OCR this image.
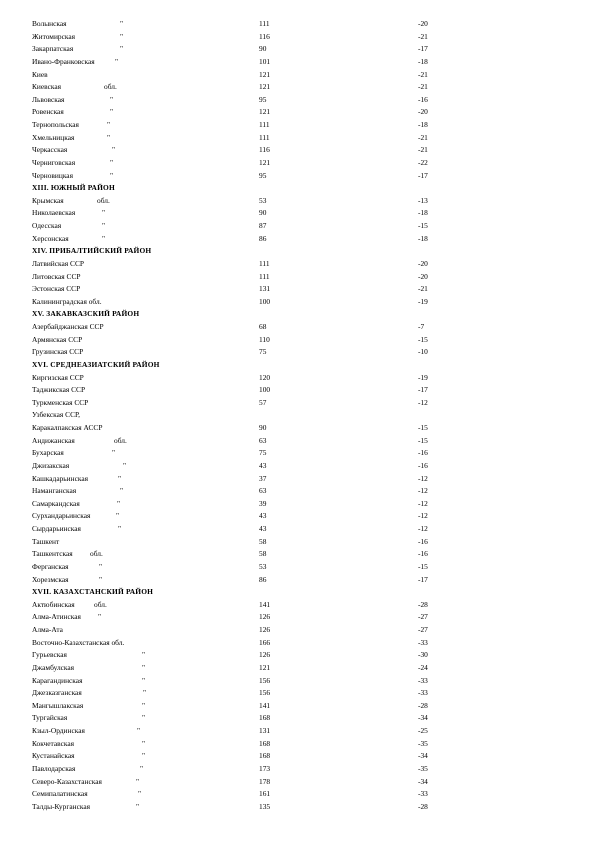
Волынская	"	111	-20
Житомирская	"	116	-21
Закарпатская	"	90	-17
Ивано-Франковская	"	101	-18
Киев	121	-21
Киевская	обл.	121	-21
Львовская	"	95	-16
Ровенская	"	121	-20
Тернопольская	"	111	-18
Хмельницкая	"	111	-21
Черкасская	"	116	-21
Черниговская	"	121	-22
Черновицкая	"	95	-17
XIII. ЮЖНЫЙ РАЙОН
Крымская	обл.	53	-13
Николаевская	"	90	-18
Одесская	"	87	-15
Херсонская	"	86	-18
XIV. ПРИБАЛТИЙСКИЙ РАЙОН
Латвийская ССР	111	-20
Литовская ССР	111	-20
Эстонская ССР	131	-21
Калининградская обл.	100	-19
XV. ЗАКАВКАЗСКИЙ РАЙОН
Азербайджанская ССР	68	-7
Армянская ССР	110	-15
Грузинская ССР	75	-10
XVI. СРЕДНЕАЗИАТСКИЙ РАЙОН
Киргизская ССР	120	-19
Таджикская ССР	100	-17
Туркменская ССР	57	-12
Узбекская ССР,
Каракалпакская АССР	90	-15
Андижанская	обл.	63	-15
Бухарская	"	75	-16
Джизакская	"	43	-16
Кашкадарьинская	"	37	-12
Наманганская	"	63	-12
Самаркандская	"	39	-12
Сурхандарьинская	"	43	-12
Сырдарьинская	"	43	-12
Ташкент	58	-16
Ташкентская обл.	58	-16
Ферганская	"	53	-15
Хорезмская	"	86	-17
XVII. КАЗАХСТАНСКИЙ РАЙОН
Актюбинская	обл.	141	-28
Алма-Атинская "	126	-27
Алма-Ата	126	-27
Восточно-Казахстанская обл.	166	-33
Гурьевская	"	126	-30
Джамбулская	"	121	-24
Карагандинская	"	156	-33
Джезказганская	"	156	-33
Мангышлакская	"	141	-28
Тургайская	"	168	-34
Кзыл-Ординская	"	131	-25
Кокчетавская	"	168	-35
Кустанайская	"	168	-34
Павлодарская	"	173	-35
Северо-Казахстанская	"	178	-34
Семипалатинская	"	161	-33
Талды-Курганская	"	135	-28
